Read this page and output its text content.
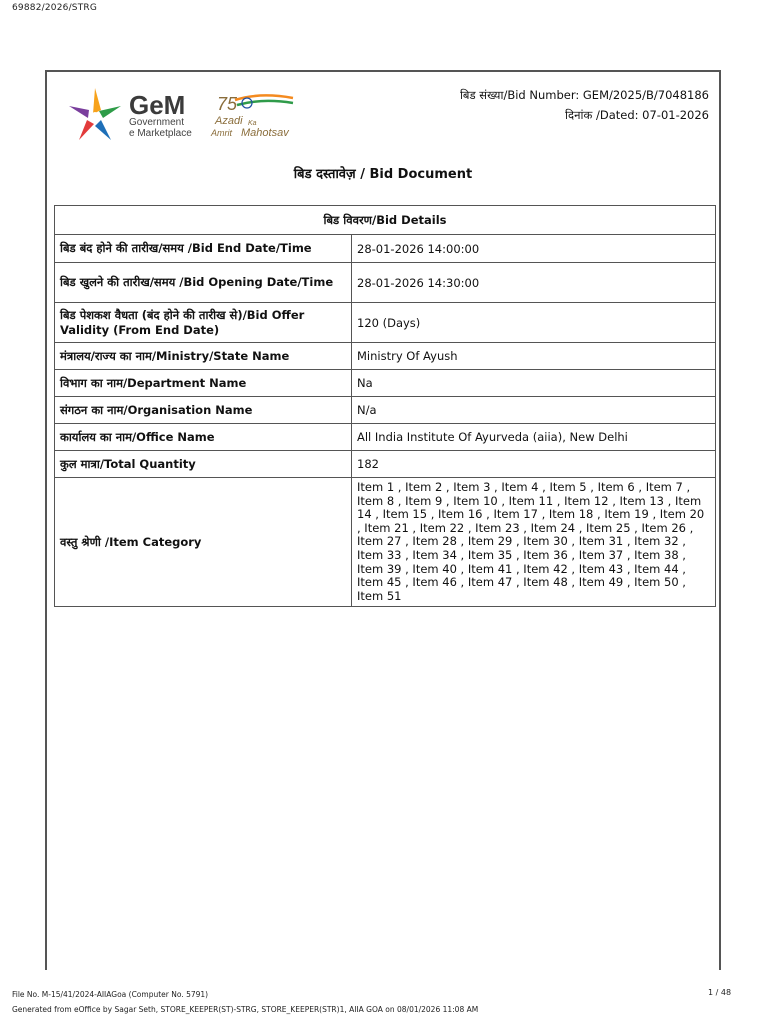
69882/2026/STRG
GeM
Government
e Marketplace
75
Azadi Ka
Amrit Mahotsav
बिड संख्या/Bid Number: GEM/2025/B/7048186
दिनांक /Dated: 07-01-2026
बिड दस्तावेज़ / Bid Document
बिड विवरण/Bid Details	
बिड बंद होने की तारीख/समय /Bid End Date/Time	28-01-2026 14:00:00
बिड खुलने की तारीख/समय /Bid Opening Date/Time	28-01-2026 14:30:00
बिड पेशकश वैधता (बंद होने की तारीख से)/Bid Offer Validity (From End Date)	120 (Days)
मंत्रालय/राज्य का नाम/Ministry/State Name	Ministry Of Ayush
विभाग का नाम/Department Name	Na
संगठन का नाम/Organisation Name	N/a
कार्यालय का नाम/Office Name	All India Institute Of Ayurveda (aiia), New Delhi
कुल मात्रा/Total Quantity	182
वस्तु श्रेणी /Item Category	Item 1 , Item 2 , Item 3 , Item 4 , Item 5 , Item 6 , Item 7 , Item 8 , Item 9 , Item 10 , Item 11 , Item 12 , Item 13 , Item 14 , Item 15 , Item 16 , Item 17 , Item 18 , Item 19 , Item 20 , Item 21 , Item 22 , Item 23 , Item 24 , Item 25 , Item 26 , Item 27 , Item 28 , Item 29 , Item 30 , Item 31 , Item 32 , Item 33 , Item 34 , Item 35 , Item 36 , Item 37 , Item 38 , Item 39 , Item 40 , Item 41 , Item 42 , Item 43 , Item 44 , Item 45 , Item 46 , Item 47 , Item 48 , Item 49 , Item 50 , Item 51
File No. M-15/41/2024-AIIAGoa (Computer No. 5791)
Generated from eOffice by Sagar Seth, STORE_KEEPER(ST)-STRG, STORE_KEEPER(STR)1, AIIA GOA on 08/01/2026 11:08 AM
1 / 48
